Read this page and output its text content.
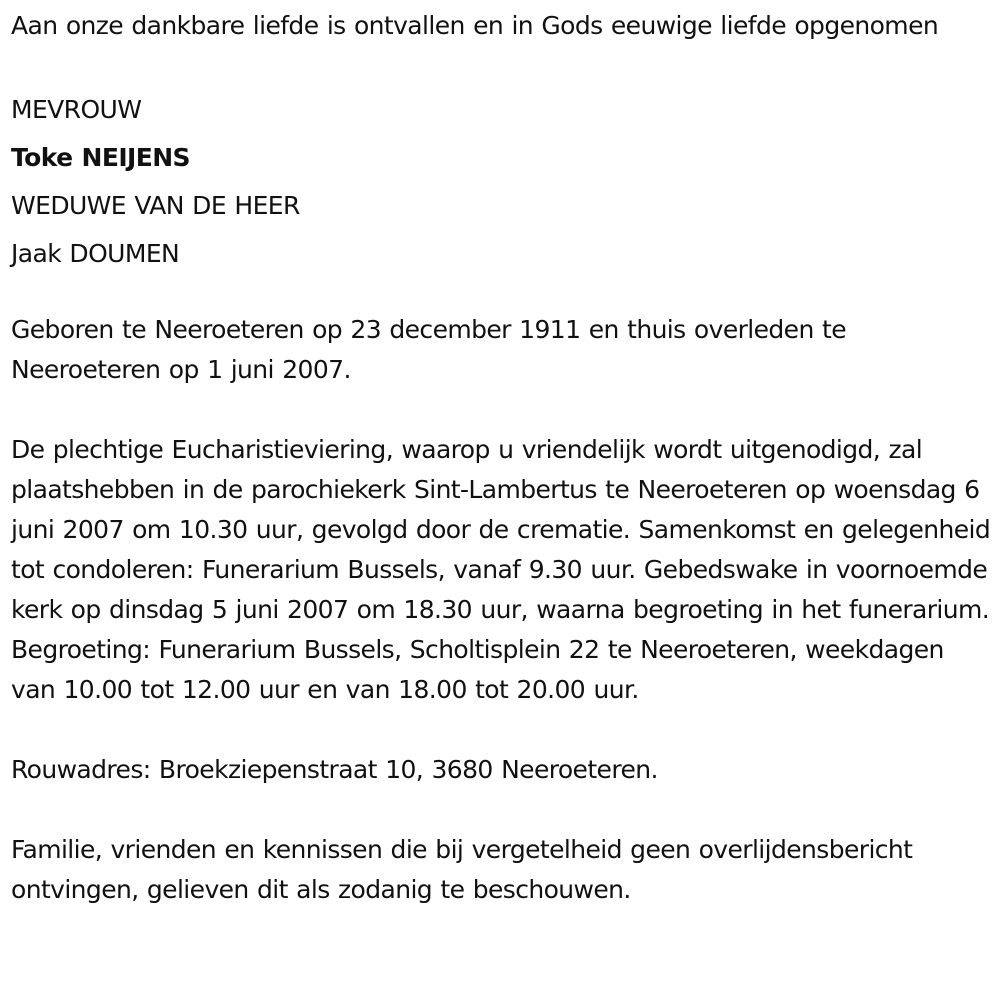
Aan onze dankbare liefde is ontvallen en in Gods eeuwige liefde opgenomen

MEVROUW

Toke NEIJENS

WEDUWE VAN DE HEER

Jaak DOUMEN

Geboren te Neeroeteren op 23 december 1911 en thuis overleden te Neeroeteren op 1 juni 2007.

De plechtige Eucharistieviering, waarop u vriendelijk wordt uitgenodigd, zal plaatshebben in de parochiekerk Sint-Lambertus te Neeroeteren op woensdag 6 juni 2007 om 10.30 uur, gevolgd door de crematie. Samenkomst en gelegenheid tot condoleren: Funerarium Bussels, vanaf 9.30 uur. Gebedswake in voornoemde kerk op dinsdag 5 juni 2007 om 18.30 uur, waarna begroeting in het funerarium. Begroeting: Funerarium Bussels, Scholtisplein 22 te Neeroeteren, weekdagen van 10.00 tot 12.00 uur en van 18.00 tot 20.00 uur.

Rouwadres: Broekziepenstraat 10, 3680 Neeroeteren.

Familie, vrienden en kennissen die bij vergetelheid geen overlijdensbericht ontvingen, gelieven dit als zodanig te beschouwen.
